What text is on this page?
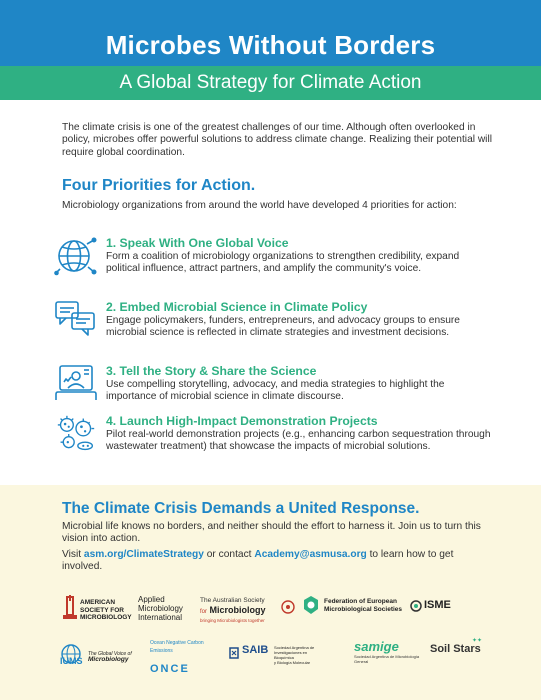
Microbes Without Borders
A Global Strategy for Climate Action

The climate crisis is one of the greatest challenges of our time. Although often overlooked in policy, microbes offer powerful solutions to address climate change. Realizing their potential will require global coordination.

Four Priorities for Action.

Microbiology organizations from around the world have developed 4 priorities for action:

1. Speak With One Global Voice
Form a coalition of microbiology organizations to strengthen credibility, expand political influence, attract partners, and amplify the community's voice.
2. Embed Microbial Science in Climate Policy
Engage policymakers, funders, entrepreneurs, and advocacy groups to ensure microbial science is reflected in climate strategies and investment decisions.
3. Tell the Story & Share the Science
Use compelling storytelling, advocacy, and media strategies to highlight the importance of microbial science in climate discourse.
4. Launch High-Impact Demonstration Projects
Pilot real-world demonstration projects (e.g., enhancing carbon sequestration through wastewater treatment) that showcase the impacts of microbial solutions.
The Climate Crisis Demands a United Response.

Microbial life knows no borders, and neither should the effort to harness it. Join us to turn this vision into action.

Visit asm.org/ClimateStrategy or contact Academy@asmusa.org to learn how to get involved.

AMERICAN
SOCIETY FOR
MICROBIOLOGY
Applied
Microbiology
International
The Australian Society
for Microbiology
bringing Microbiologists together
Federation of European
Microbiological Societies ISME
IUMS
The Global Voice of
Microbiology
Ocean Negative Carbon Emissions
ONCE
SAIB Sociedad Argentina de
Investigaciones en Bioquímica
y Biología Molecular
samige
Sociedad Argentina de Microbiología General
Soil Stars
✦✦
